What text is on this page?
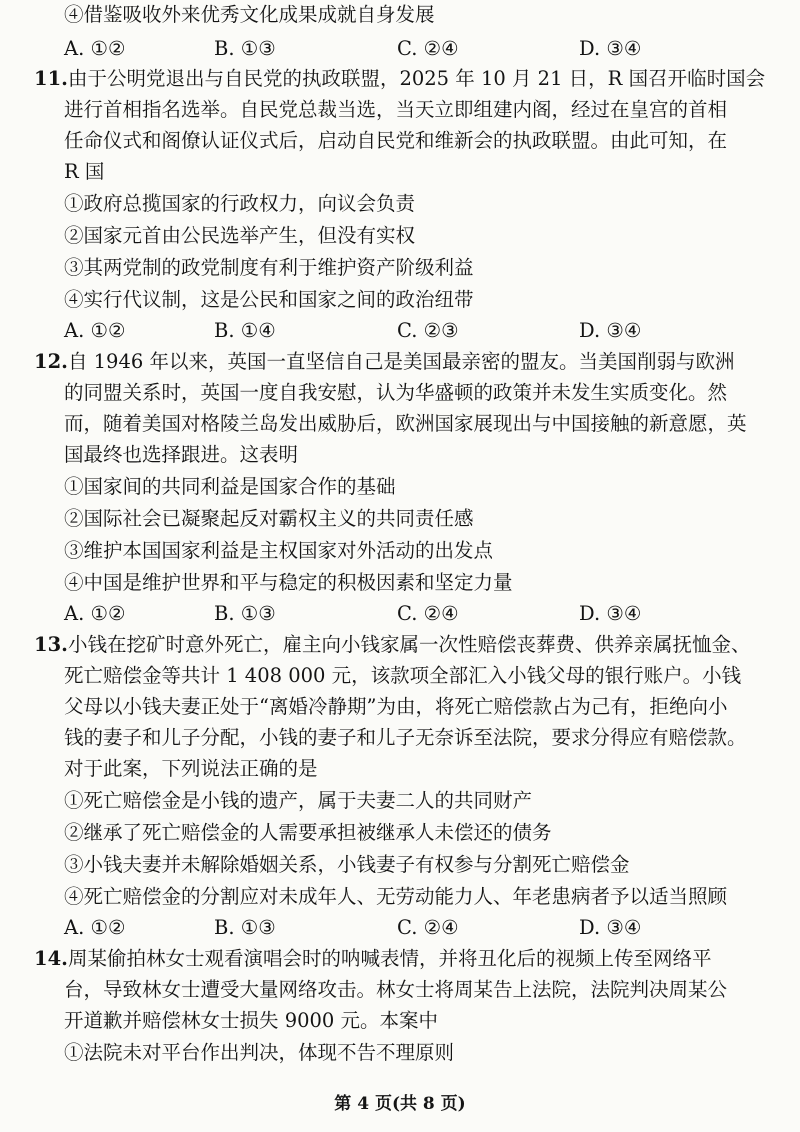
④借鉴吸收外来优秀文化成果成就自身发展
A. ①②	B. ①③	C. ②④	D. ③④
11.由于公明党退出与自民党的执政联盟，2025 年 10 月 21 日，R 国召开临时国会
进行首相指名选举。自民党总裁当选，当天立即组建内阁，经过在皇宫的首相
任命仪式和阁僚认证仪式后，启动自民党和维新会的执政联盟。由此可知，在
R 国
①政府总揽国家的行政权力，向议会负责
②国家元首由公民选举产生，但没有实权
③其两党制的政党制度有利于维护资产阶级利益
④实行代议制，这是公民和国家之间的政治纽带
A. ①②	B. ①④	C. ②③	D. ③④
12.自 1946 年以来，英国一直坚信自己是美国最亲密的盟友。当美国削弱与欧洲
的同盟关系时，英国一度自我安慰，认为华盛顿的政策并未发生实质变化。然
而，随着美国对格陵兰岛发出威胁后，欧洲国家展现出与中国接触的新意愿，英
国最终也选择跟进。这表明
①国家间的共同利益是国家合作的基础
②国际社会已凝聚起反对霸权主义的共同责任感
③维护本国国家利益是主权国家对外活动的出发点
④中国是维护世界和平与稳定的积极因素和坚定力量
A. ①②	B. ①③	C. ②④	D. ③④
13.小钱在挖矿时意外死亡，雇主向小钱家属一次性赔偿丧葬费、供养亲属抚恤金、
死亡赔偿金等共计 1 408 000 元，该款项全部汇入小钱父母的银行账户。小钱
父母以小钱夫妻正处于“离婚冷静期”为由，将死亡赔偿款占为己有，拒绝向小
钱的妻子和儿子分配，小钱的妻子和儿子无奈诉至法院，要求分得应有赔偿款。
对于此案，下列说法正确的是
①死亡赔偿金是小钱的遗产，属于夫妻二人的共同财产
②继承了死亡赔偿金的人需要承担被继承人未偿还的债务
③小钱夫妻并未解除婚姻关系，小钱妻子有权参与分割死亡赔偿金
④死亡赔偿金的分割应对未成年人、无劳动能力人、年老患病者予以适当照顾
A. ①②	B. ①③	C. ②④	D. ③④
14.周某偷拍林女士观看演唱会时的呐喊表情，并将丑化后的视频上传至网络平
台，导致林女士遭受大量网络攻击。林女士将周某告上法院，法院判决周某公
开道歉并赔偿林女士损失 9000 元。本案中
①法院未对平台作出判决，体现不告不理原则
第 4 页(共 8 页)
